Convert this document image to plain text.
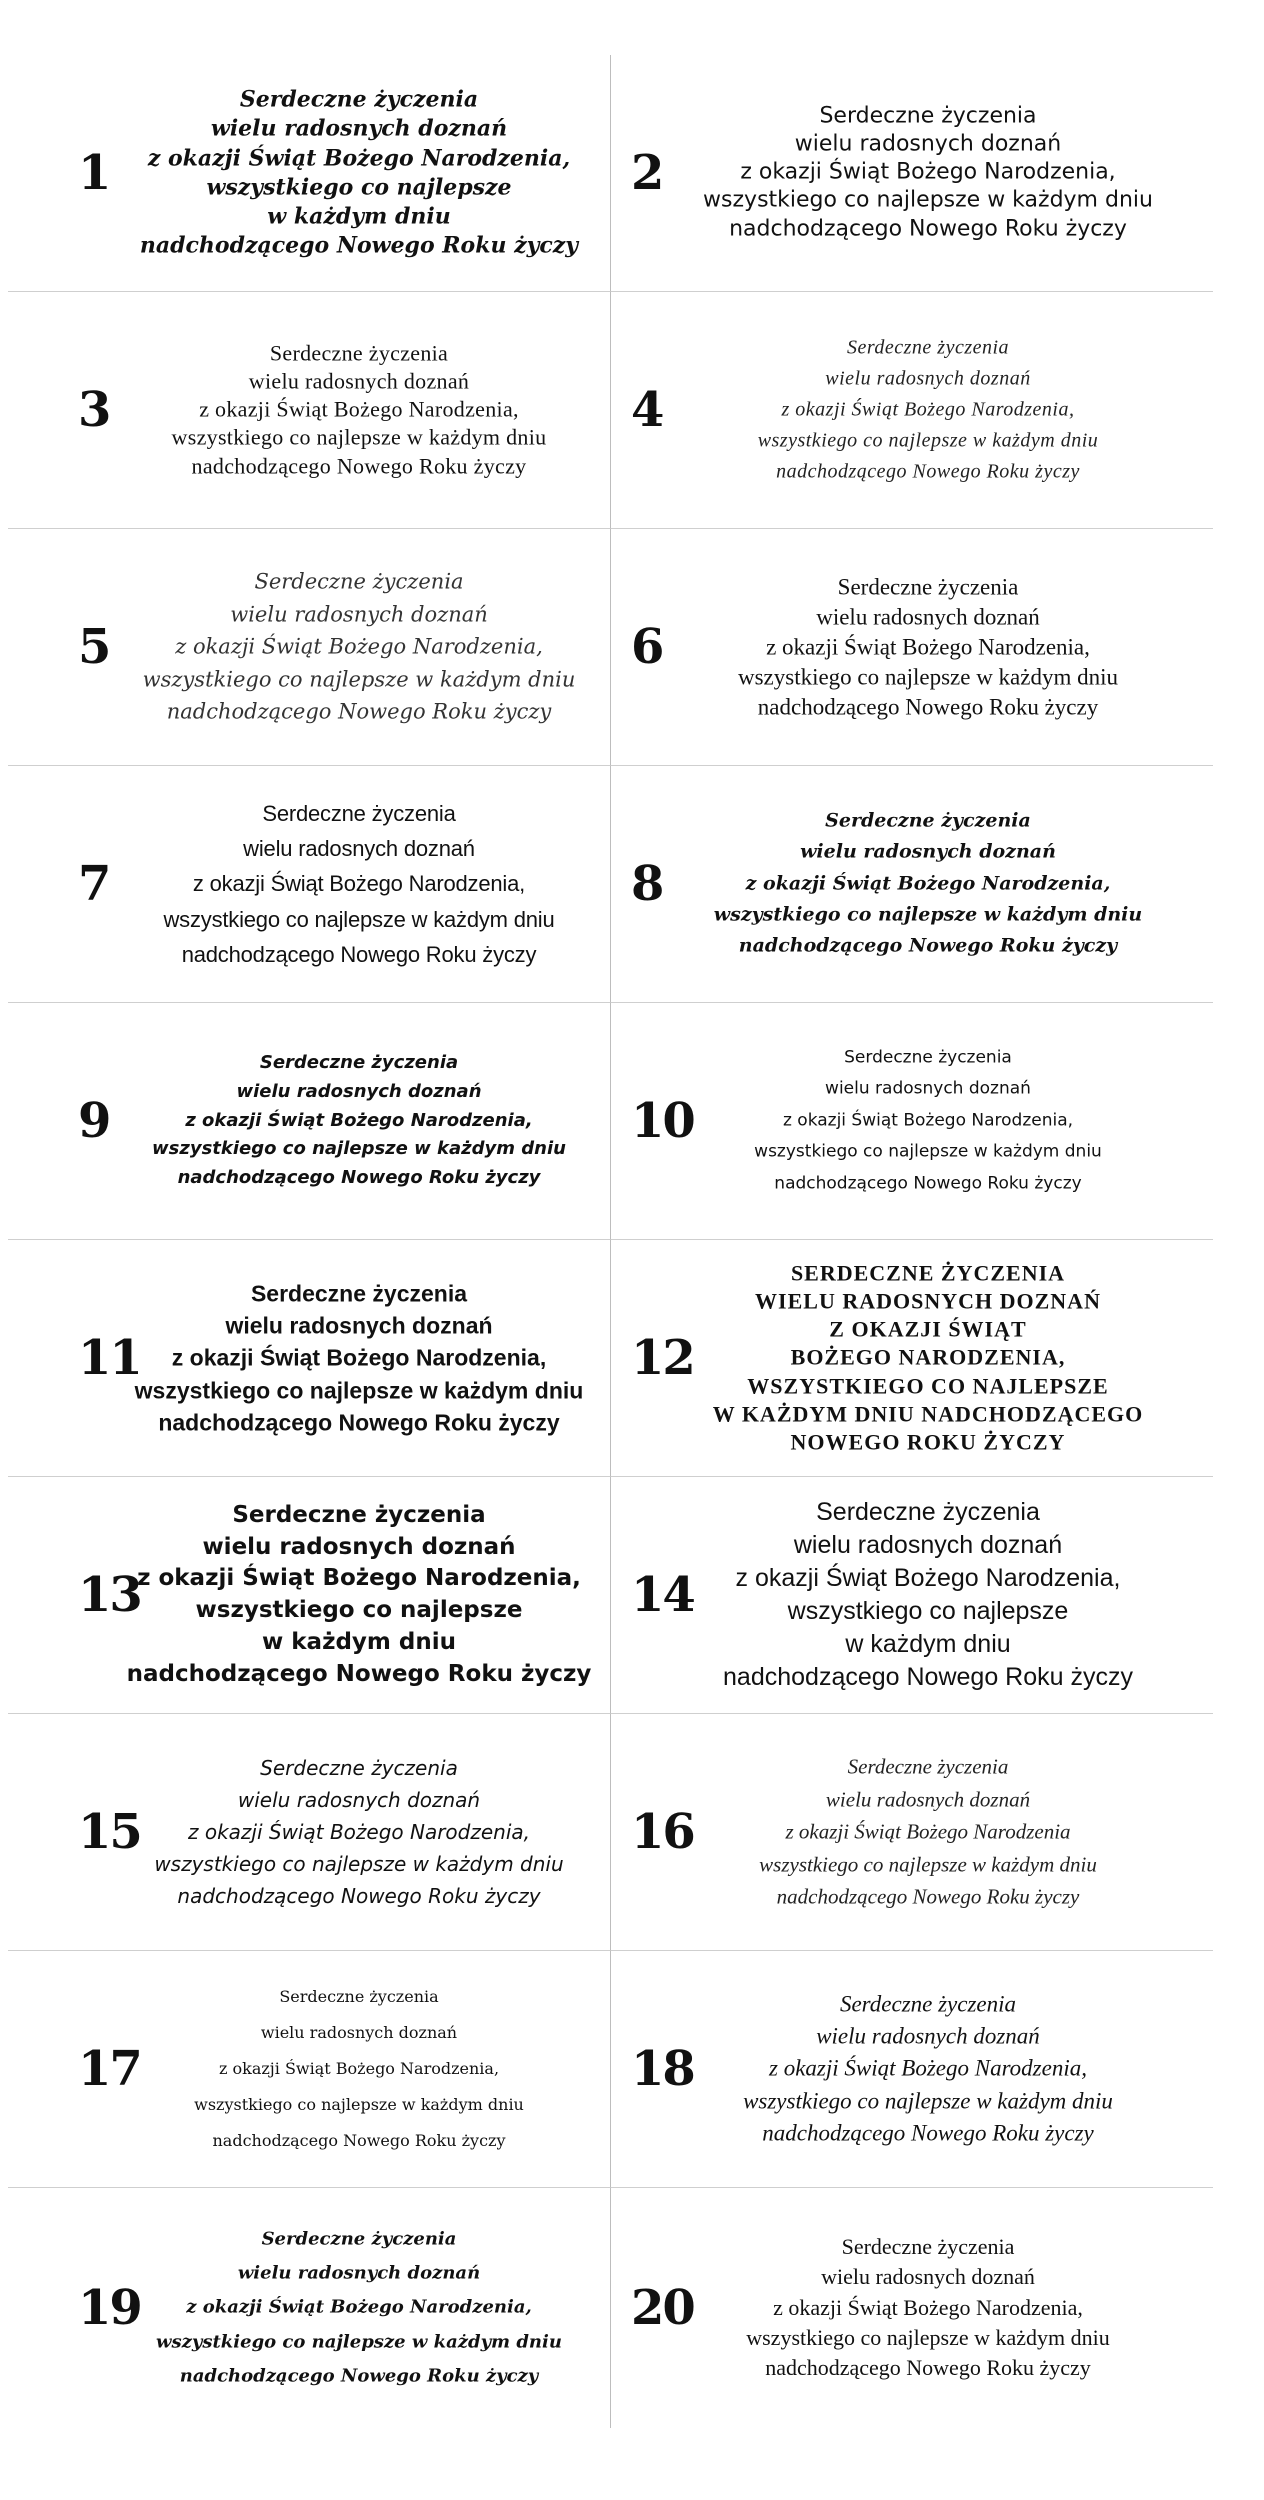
1
Serdeczne życzenia
wielu radosnych doznań
z okazji Świąt Bożego Narodzenia,
wszystkiego co najlepsze
w każdym dniu
nadchodzącego Nowego Roku życzy
2
Serdeczne życzenia
wielu radosnych doznań
z okazji Świąt Bożego Narodzenia,
wszystkiego co najlepsze w każdym dniu
nadchodzącego Nowego Roku życzy
3
Serdeczne życzenia
wielu radosnych doznań
z okazji Świąt Bożego Narodzenia,
wszystkiego co najlepsze w każdym dniu
nadchodzącego Nowego Roku życzy
4
Serdeczne życzenia
wielu radosnych doznań
z okazji Świąt Bożego Narodzenia,
wszystkiego co najlepsze w każdym dniu
nadchodzącego Nowego Roku życzy
5
Serdeczne życzenia
wielu radosnych doznań
z okazji Świąt Bożego Narodzenia,
wszystkiego co najlepsze w każdym dniu
nadchodzącego Nowego Roku życzy
6
Serdeczne życzenia
wielu radosnych doznań
z okazji Świąt Bożego Narodzenia,
wszystkiego co najlepsze w każdym dniu
nadchodzącego Nowego Roku życzy
7
Serdeczne życzenia
wielu radosnych doznań
z okazji Świąt Bożego Narodzenia,
wszystkiego co najlepsze w każdym dniu
nadchodzącego Nowego Roku życzy
8
Serdeczne życzenia
wielu radosnych doznań
z okazji Świąt Bożego Narodzenia,
wszystkiego co najlepsze w każdym dniu
nadchodzącego Nowego Roku życzy
9
Serdeczne życzenia
wielu radosnych doznań
z okazji Świąt Bożego Narodzenia,
wszystkiego co najlepsze w każdym dniu
nadchodzącego Nowego Roku życzy
10
Serdeczne życzenia
wielu radosnych doznań
z okazji Świąt Bożego Narodzenia,
wszystkiego co najlepsze w każdym dniu
nadchodzącego Nowego Roku życzy
11
Serdeczne życzenia
wielu radosnych doznań
z okazji Świąt Bożego Narodzenia,
wszystkiego co najlepsze w każdym dniu
nadchodzącego Nowego Roku życzy
12
SERDECZNE ŻYCZENIA
WIELU RADOSNYCH DOZNAŃ
Z OKAZJI ŚWIĄT
BOŻEGO NARODZENIA,
WSZYSTKIEGO CO NAJLEPSZE
W KAŻDYM DNIU NADCHODZĄCEGO
NOWEGO ROKU ŻYCZY
13
Serdeczne życzenia
wielu radosnych doznań
z okazji Świąt Bożego Narodzenia,
wszystkiego co najlepsze
w każdym dniu
nadchodzącego Nowego Roku życzy
14
Serdeczne życzenia
wielu radosnych doznań
z okazji Świąt Bożego Narodzenia,
wszystkiego co najlepsze
w każdym dniu
nadchodzącego Nowego Roku życzy
15
Serdeczne życzenia
wielu radosnych doznań
z okazji Świąt Bożego Narodzenia,
wszystkiego co najlepsze w każdym dniu
nadchodzącego Nowego Roku życzy
16
Serdeczne życzenia
wielu radosnych doznań
z okazji Świąt Bożego Narodzenia
wszystkiego co najlepsze w każdym dniu
nadchodzącego Nowego Roku życzy
17
Serdeczne życzenia
wielu radosnych doznań
z okazji Świąt Bożego Narodzenia,
wszystkiego co najlepsze w każdym dniu
nadchodzącego Nowego Roku życzy
18
Serdeczne życzenia
wielu radosnych doznań
z okazji Świąt Bożego Narodzenia,
wszystkiego co najlepsze w każdym dniu
nadchodzącego Nowego Roku życzy
19
Serdeczne życzenia
wielu radosnych doznań
z okazji Świąt Bożego Narodzenia,
wszystkiego co najlepsze w każdym dniu
nadchodzącego Nowego Roku życzy
20
Serdeczne życzenia
wielu radosnych doznań
z okazji Świąt Bożego Narodzenia,
wszystkiego co najlepsze w każdym dniu
nadchodzącego Nowego Roku życzy
